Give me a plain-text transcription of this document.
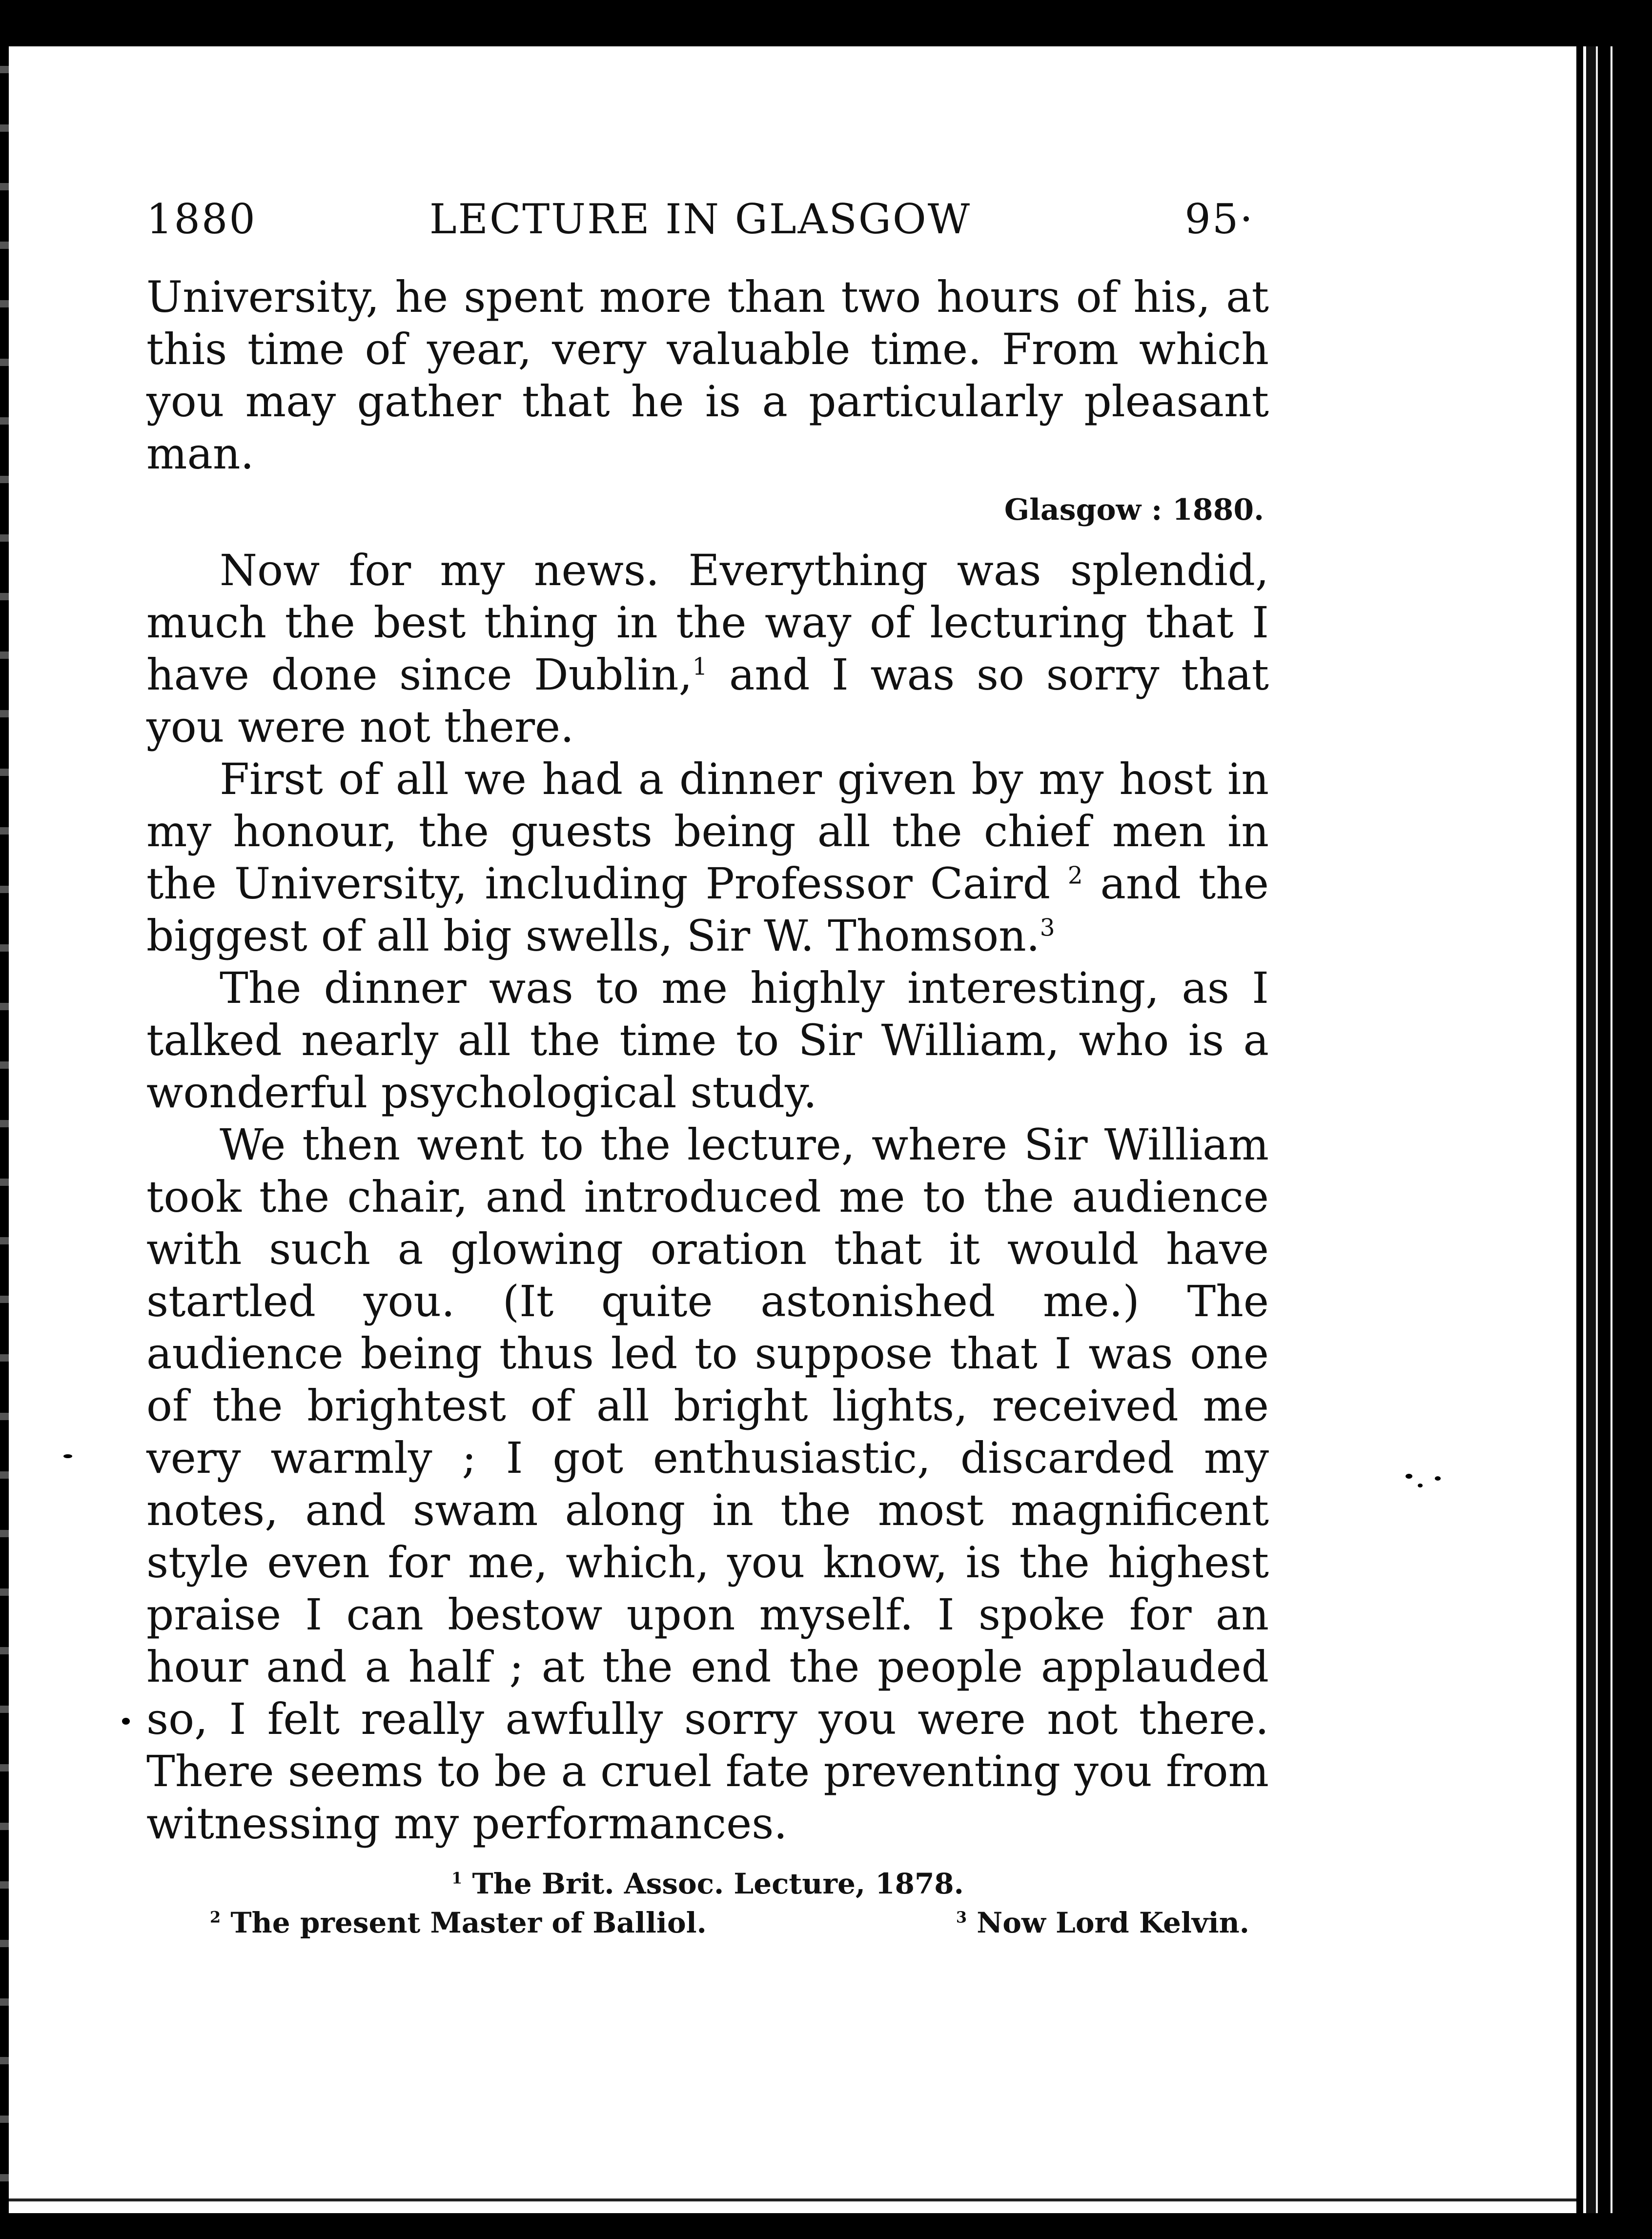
1880	LECTURE IN GLASGOW	95·

University, he spent more than two hours of his, at this time of year, very valuable time. From which you may gather that he is a particularly pleasant man.

Glasgow : 1880.

Now for my news. Everything was splendid, much the best thing in the way of lecturing that I have done since Dublin,$^1$ and I was so sorry that you were not there.

First of all we had a dinner given by my host in my honour, the guests being all the chief men in the University, including Professor Caird $^2$ and the biggest of all big swells, Sir W. Thomson.$^3$

The dinner was to me highly interesting, as I talked nearly all the time to Sir William, who is a wonderful psychological study.

We then went to the lecture, where Sir William took the chair, and introduced me to the audience with such a glowing oration that it would have startled you. (It quite astonished me.) The audience being thus led to suppose that I was one of the brightest of all bright lights, received me very warmly ; I got enthusiastic, discarded my notes, and swam along in the most magnificent style even for me, which, you know, is the highest praise I can bestow upon myself. I spoke for an hour and a half ; at the end the people applauded so, I felt really awfully sorry you were not there. There seems to be a cruel fate preventing you from witnessing my performances.

$^1$ The Brit. Assoc. Lecture, 1878.
$^2$ The present Master of Balliol.	$^3$ Now Lord Kelvin.
